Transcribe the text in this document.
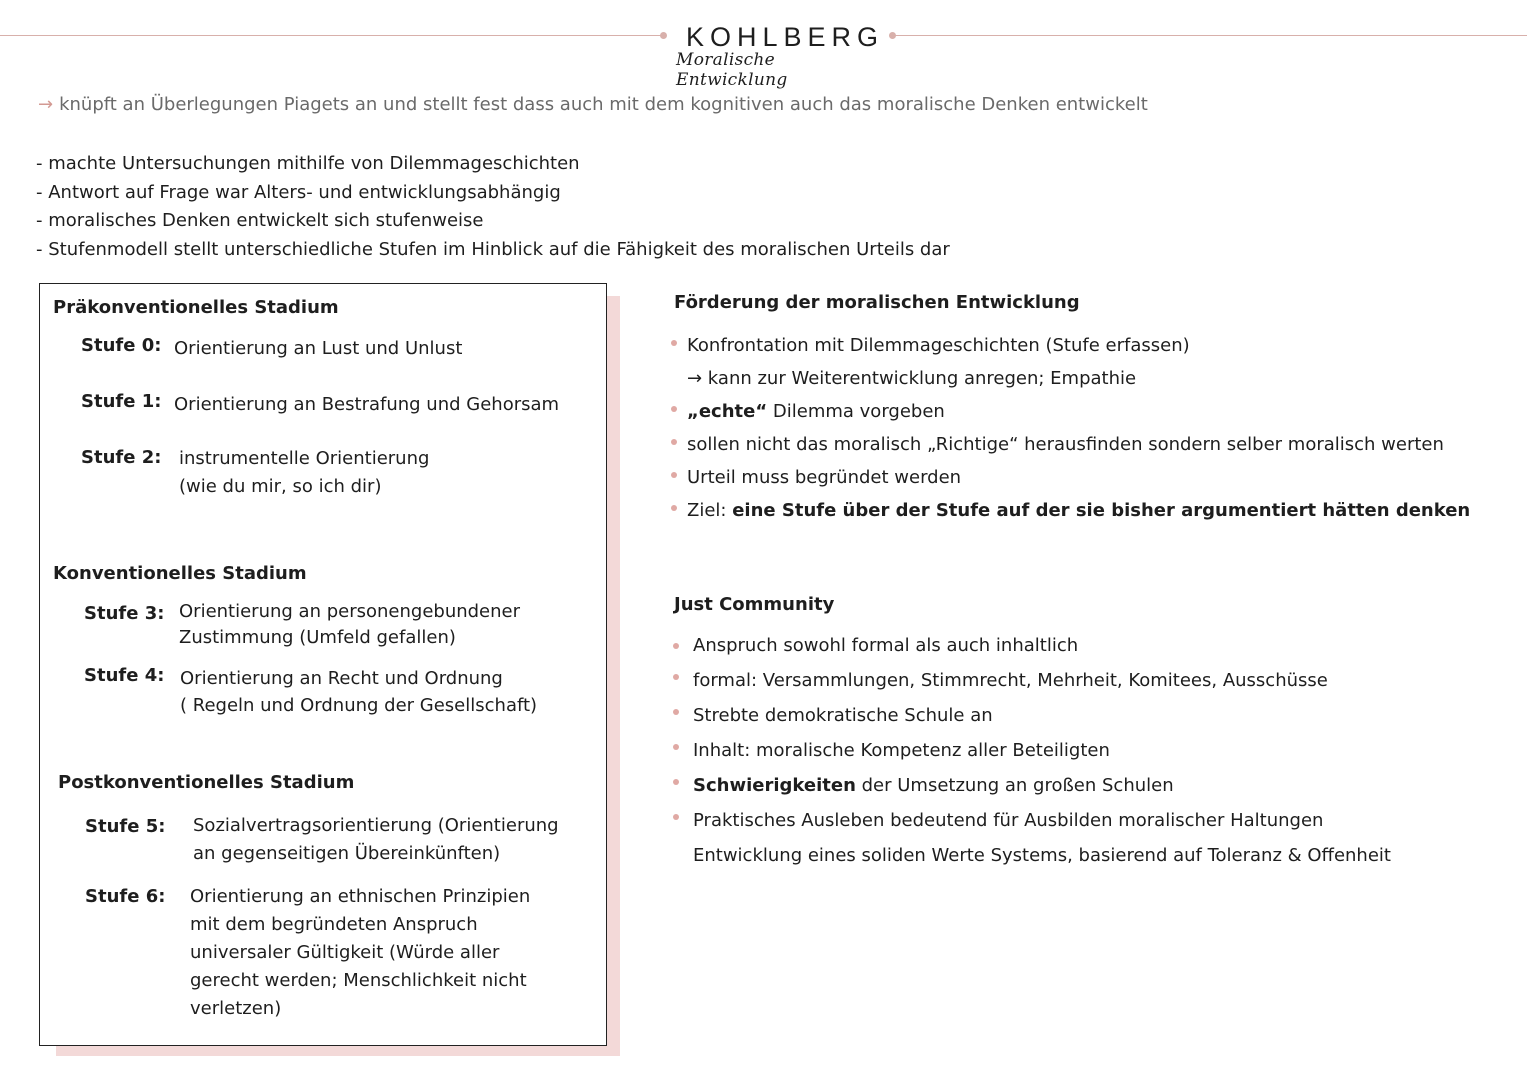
KOHLBERG
Moralische Entwicklung
→ knüpft an Überlegungen Piagets an und stellt fest dass auch mit dem kognitiven auch das moralische Denken entwickelt
- machte Untersuchungen mithilfe von Dilemmageschichten
- Antwort auf Frage war Alters- und entwicklungsabhängig
- moralisches Denken entwickelt sich stufenweise
- Stufenmodell stellt unterschiedliche Stufen im Hinblick auf die Fähigkeit des moralischen Urteils dar
Präkonventionelles Stadium
Stufe 0: Orientierung an Lust und Unlust
Stufe 1: Orientierung an Bestrafung und Gehorsam
Stufe 2: instrumentelle Orientierung
(wie du mir, so ich dir)
Konventionelles Stadium
Stufe 3: Orientierung an personengebundener
Zustimmung (Umfeld gefallen)
Stufe 4: Orientierung an Recht und Ordnung
( Regeln und Ordnung der Gesellschaft)
Postkonventionelles Stadium
Stufe 5: Sozialvertragsorientierung (Orientierung
an gegenseitigen Übereinkünften)
Stufe 6: Orientierung an ethnischen Prinzipien
mit dem begründeten Anspruch
universaler Gültigkeit (Würde aller
gerecht werden; Menschlichkeit nicht
verletzen)
Förderung der moralischen Entwicklung
Konfrontation mit Dilemmageschichten (Stufe erfassen)
→ kann zur Weiterentwicklung anregen; Empathie
„echte“ Dilemma vorgeben
sollen nicht das moralisch „Richtige“ herausfinden sondern selber moralisch werten
Urteil muss begründet werden
Ziel: eine Stufe über der Stufe auf der sie bisher argumentiert hätten denken
Just Community
Anspruch sowohl formal als auch inhaltlich
formal: Versammlungen, Stimmrecht, Mehrheit, Komitees, Ausschüsse
Strebte demokratische Schule an
Inhalt: moralische Kompetenz aller Beteiligten
Schwierigkeiten der Umsetzung an großen Schulen
Praktisches Ausleben bedeutend für Ausbilden moralischer Haltungen
Entwicklung eines soliden Werte Systems, basierend auf Toleranz & Offenheit
